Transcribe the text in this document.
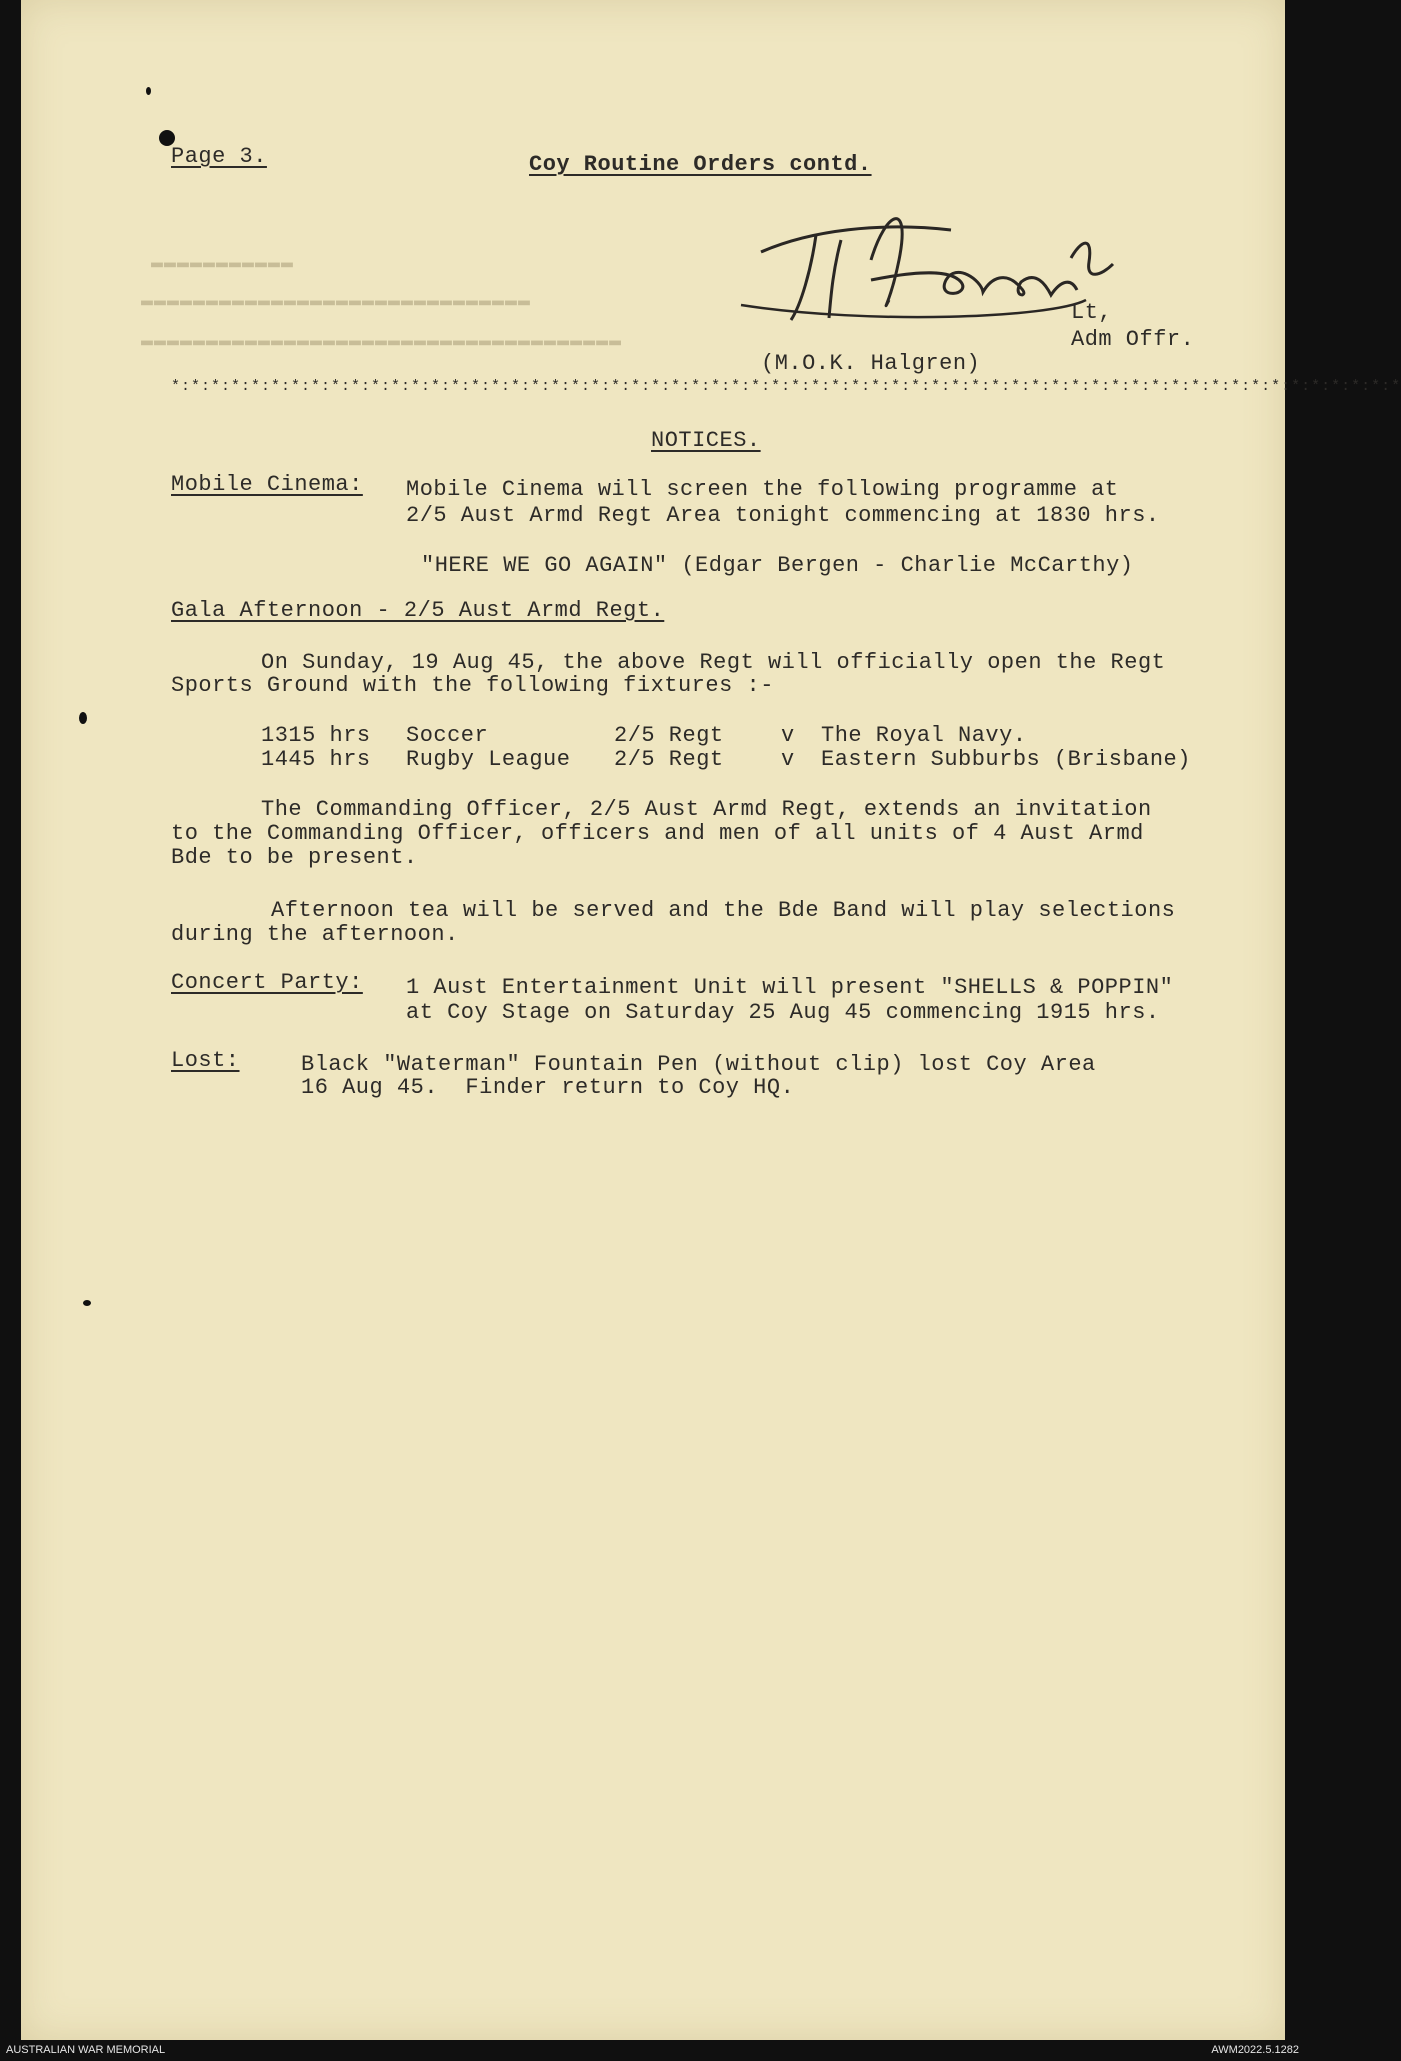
▬▬▬▬▬▬▬▬▬▬▬
▬▬▬▬▬▬▬▬▬▬▬▬▬▬▬▬▬▬▬▬▬▬▬▬▬▬▬▬▬▬
▬▬▬▬▬▬▬▬▬▬▬▬▬▬▬▬▬▬▬▬▬▬▬▬▬▬▬▬▬▬▬▬▬▬▬▬▬
Page 3.	Coy Routine Orders contd.
Lt,
Adm Offr.
(M.O.K. Halgren)
*:*:*:*:*:*:*:*:*:*:*:*:*:*:*:*:*:*:*:*:*:*:*:*:*:*:*:*:*:*:*:*:*:*:*:*:*:*:*:*:*:*:*:*:*:*:*:*:*:*:*:*:*:*:*:*:*:*:*:*:*:*
NOTICES.
Mobile Cinema: Mobile Cinema will screen the following programme at
2/5 Aust Armd Regt Area tonight commencing at 1830 hrs.
"HERE WE GO AGAIN" (Edgar Bergen - Charlie McCarthy)
Gala Afternoon - 2/5 Aust Armd Regt.
On Sunday, 19 Aug 45, the above Regt will officially open the Regt
Sports Ground with the following fixtures :-
1315 hrs Soccer	2/5 Regt	v The Royal Navy.
1445 hrs Rugby League 2/5 Regt	v Eastern Subburbs (Brisbane)
The Commanding Officer, 2/5 Aust Armd Regt, extends an invitation
to the Commanding Officer, officers and men of all units of 4 Aust Armd
Bde to be present.
Afternoon tea will be served and the Bde Band will play selections
during the afternoon.
Concert Party: 1 Aust Entertainment Unit will present "SHELLS & POPPIN"
at Coy Stage on Saturday 25 Aug 45 commencing 1915 hrs.
Lost:	Black "Waterman" Fountain Pen (without clip) lost Coy Area
16 Aug 45.  Finder return to Coy HQ.
AUSTRALIAN WAR MEMORIAL	AWM2022.5.1282
